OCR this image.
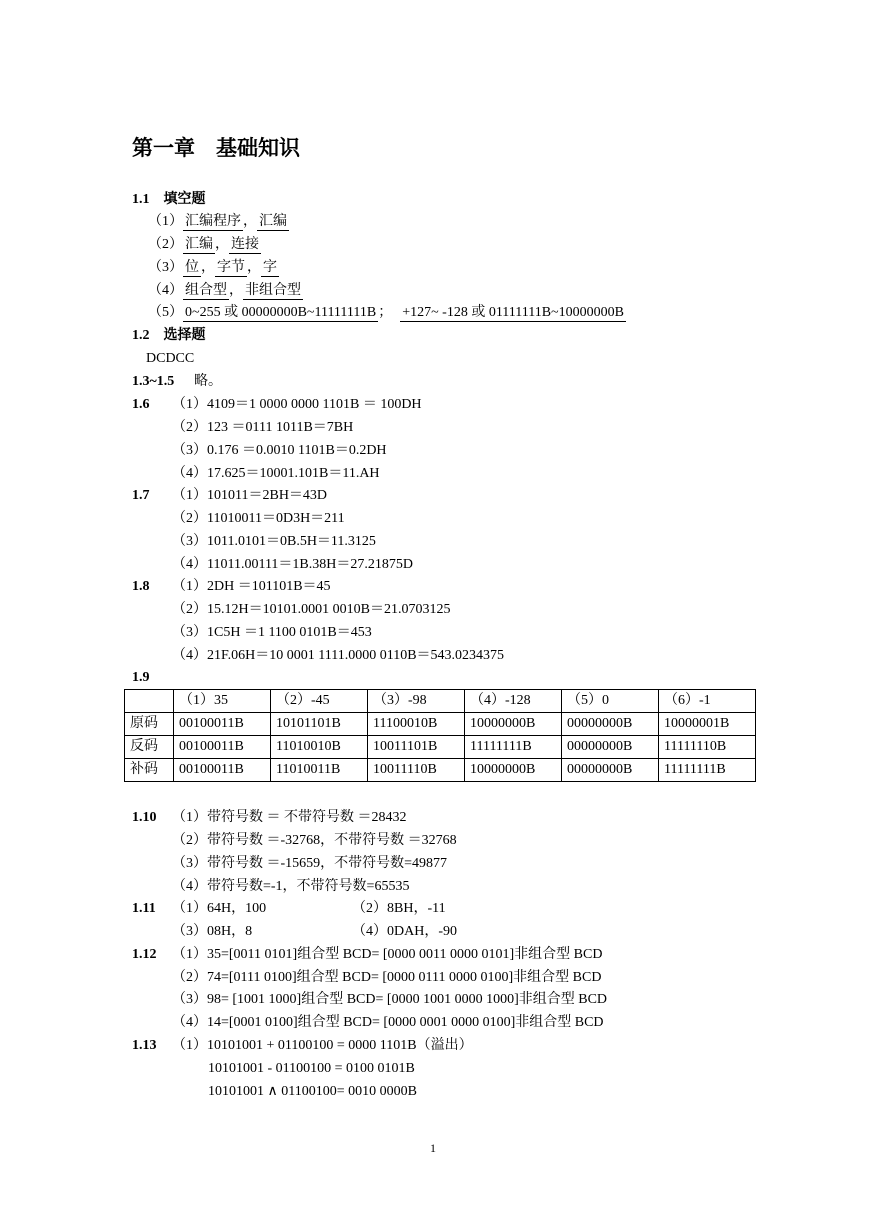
第一章　基础知识
1.1　填空题
（1） 汇编程序 ， 汇编
（2） 汇编 ， 连接
（3） 位 ， 字节 ， 字
（4） 组合型 ， 非组合型
（5） 0~255 或 00000000B~11111111B ； +127~ -128 或 01111111B~10000000B
1.2　选择题
DCDCC
1.3~1.5 略。
1.6 （1）4109＝1 0000 0000 1101B ＝ 100DH
（2）123 ＝0111 1011B＝7BH
（3）0.176 ＝0.0010 1101B＝0.2DH
（4）17.625＝10001.101B＝11.AH
1.7 （1）101011＝2BH＝43D
（2）11010011＝0D3H＝211
（3）1011.0101＝0B.5H＝11.3125
（4）11011.00111＝1B.38H＝27.21875D
1.8 （1）2DH ＝101101B＝45
（2）15.12H＝10101.0001 0010B＝21.0703125
（3）1C5H ＝1 1100 0101B＝453
（4）21F.06H＝10 0001 1111.0000 0110B＝543.0234375
1.9
	（1）35	（2）-45	（3）-98	（4）-128	（5）0	（6）-1
原码	00100011B	10101101B	11100010B	10000000B	00000000B	10000001B
反码	00100011B	11010010B	10011101B	11111111B	00000000B	11111110B
补码	00100011B	11010011B	10011110B	10000000B	00000000B	11111111B
1.10 （1）带符号数 ＝ 不带符号数 ＝28432
（2）带符号数 ＝-32768，不带符号数 ＝32768
（3）带符号数 ＝-15659，不带符号数=49877
（4）带符号数=-1，不带符号数=65535
1.11 （1）64H，100	（2）8BH，-11
（3）08H，8	（4）0DAH，-90
1.12 （1）35=[0011 0101]组合型 BCD= [0000 0011 0000 0101]非组合型 BCD
（2）74=[0111 0100]组合型 BCD= [0000 0111 0000 0100]非组合型 BCD
（3）98= [1001 1000]组合型 BCD= [0000 1001 0000 1000]非组合型 BCD
（4）14=[0001 0100]组合型 BCD= [0000 0001 0000 0100]非组合型 BCD
1.13 （1）10101001 + 01100100 = 0000 1101B（溢出）
10101001 - 01100100 = 0100 0101B
10101001 ∧ 01100100= 0010 0000B
1
